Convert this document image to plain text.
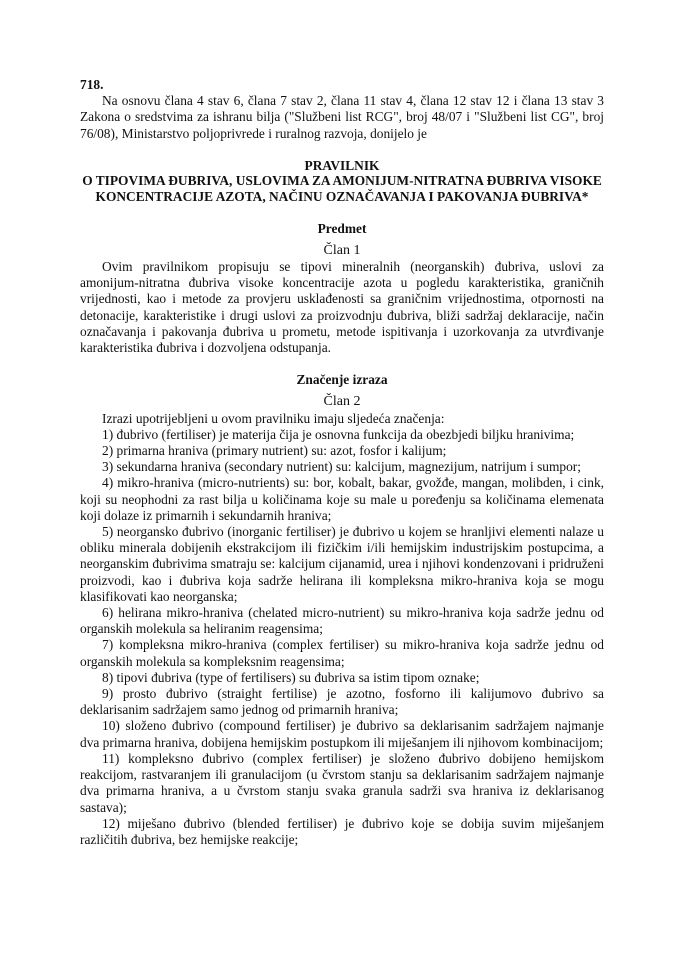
718.

Na osnovu člana 4 stav 6, člana 7 stav 2, člana 11 stav 4, člana 12 stav 12 i člana 13 stav 3 Zakona o sredstvima za ishranu bilja ("Službeni list RCG", broj 48/07 i "Službeni list CG", broj 76/08), Ministarstvo poljoprivrede i ruralnog razvoja, donijelo je

PRAVILNIK
O TIPOVIMA ĐUBRIVA, USLOVIMA ZA AMONIJUM-NITRATNA ĐUBRIVA VISOKE KONCENTRACIJE AZOTA, NAČINU OZNAČAVANJA I PAKOVANJA ĐUBRIVA*
Predmet
Član 1

Ovim pravilnikom propisuju se tipovi mineralnih (neorganskih) đubriva, uslovi za amonijum-nitratna đubriva visoke koncentracije azota u pogledu karakteristika, graničnih vrijednosti, kao i metode za provjeru usklađenosti sa graničnim vrijednostima, otpornosti na detonacije, karakteristike i drugi uslovi za proizvodnju đubriva, bliži sadržaj deklaracije, način označavanja i pakovanja đubriva u prometu, metode ispitivanja i uzorkovanja za utvrđivanje karakteristika đubriva i dozvoljena odstupanja.

Značenje izraza
Član 2

Izrazi upotrijebljeni u ovom pravilniku imaju sljedeća značenja:

1) đubrivo (fertiliser) je materija čija je osnovna funkcija da obezbjedi biljku hranivima;

2) primarna hraniva (primary nutrient) su: azot, fosfor i kalijum;

3) sekundarna hraniva (secondary nutrient) su: kalcijum, magnezijum, natrijum i sumpor;

4) mikro-hraniva (micro-nutrients) su: bor, kobalt, bakar, gvožđe, mangan, molibden, i cink, koji su neophodni za rast bilja u količinama koje su male u poređenju sa količinama elemenata koji dolaze iz primarnih i sekundarnih hraniva;

5) neorgansko đubrivo (inorganic fertiliser) je đubrivo u kojem se hranljivi elementi nalaze u obliku minerala dobijenih ekstrakcijom ili fizičkim i/ili hemijskim industrijskim postupcima, a neorganskim đubrivima smatraju se: kalcijum cijanamid, urea i njihovi kondenzovani i pridruženi proizvodi, kao i đubriva koja sadrže helirana ili kompleksna mikro-hraniva koja se mogu klasifikovati kao neorganska;

6) helirana mikro-hraniva (chelated micro-nutrient) su mikro-hraniva koja sadrže jednu od organskih molekula sa heliranim reagensima;

7) kompleksna mikro-hraniva (complex fertiliser) su mikro-hraniva koja sadrže jednu od organskih molekula sa kompleksnim reagensima;

8) tipovi đubriva (type of fertilisers) su đubriva sa istim tipom oznake;

9) prosto đubrivo (straight fertilise) je azotno, fosforno ili kalijumovo đubrivo sa deklarisanim sadržajem samo jednog od primarnih hraniva;

10) složeno đubrivo (compound fertiliser) je đubrivo sa deklarisanim sadržajem najmanje dva primarna hraniva, dobijena hemijskim postupkom ili miješanjem ili njihovom kombinacijom;

11) kompleksno đubrivo (complex fertiliser) je složeno đubrivo dobijeno hemijskom reakcijom, rastvaranjem ili granulacijom (u čvrstom stanju sa deklarisanim sadržajem najmanje dva primarna hraniva, a u čvrstom stanju svaka granula sadrži sva hraniva iz deklarisanog sastava);

12) miješano đubrivo (blended fertiliser) je đubrivo koje se dobija suvim miješanjem različitih đubriva, bez hemijske reakcije;
